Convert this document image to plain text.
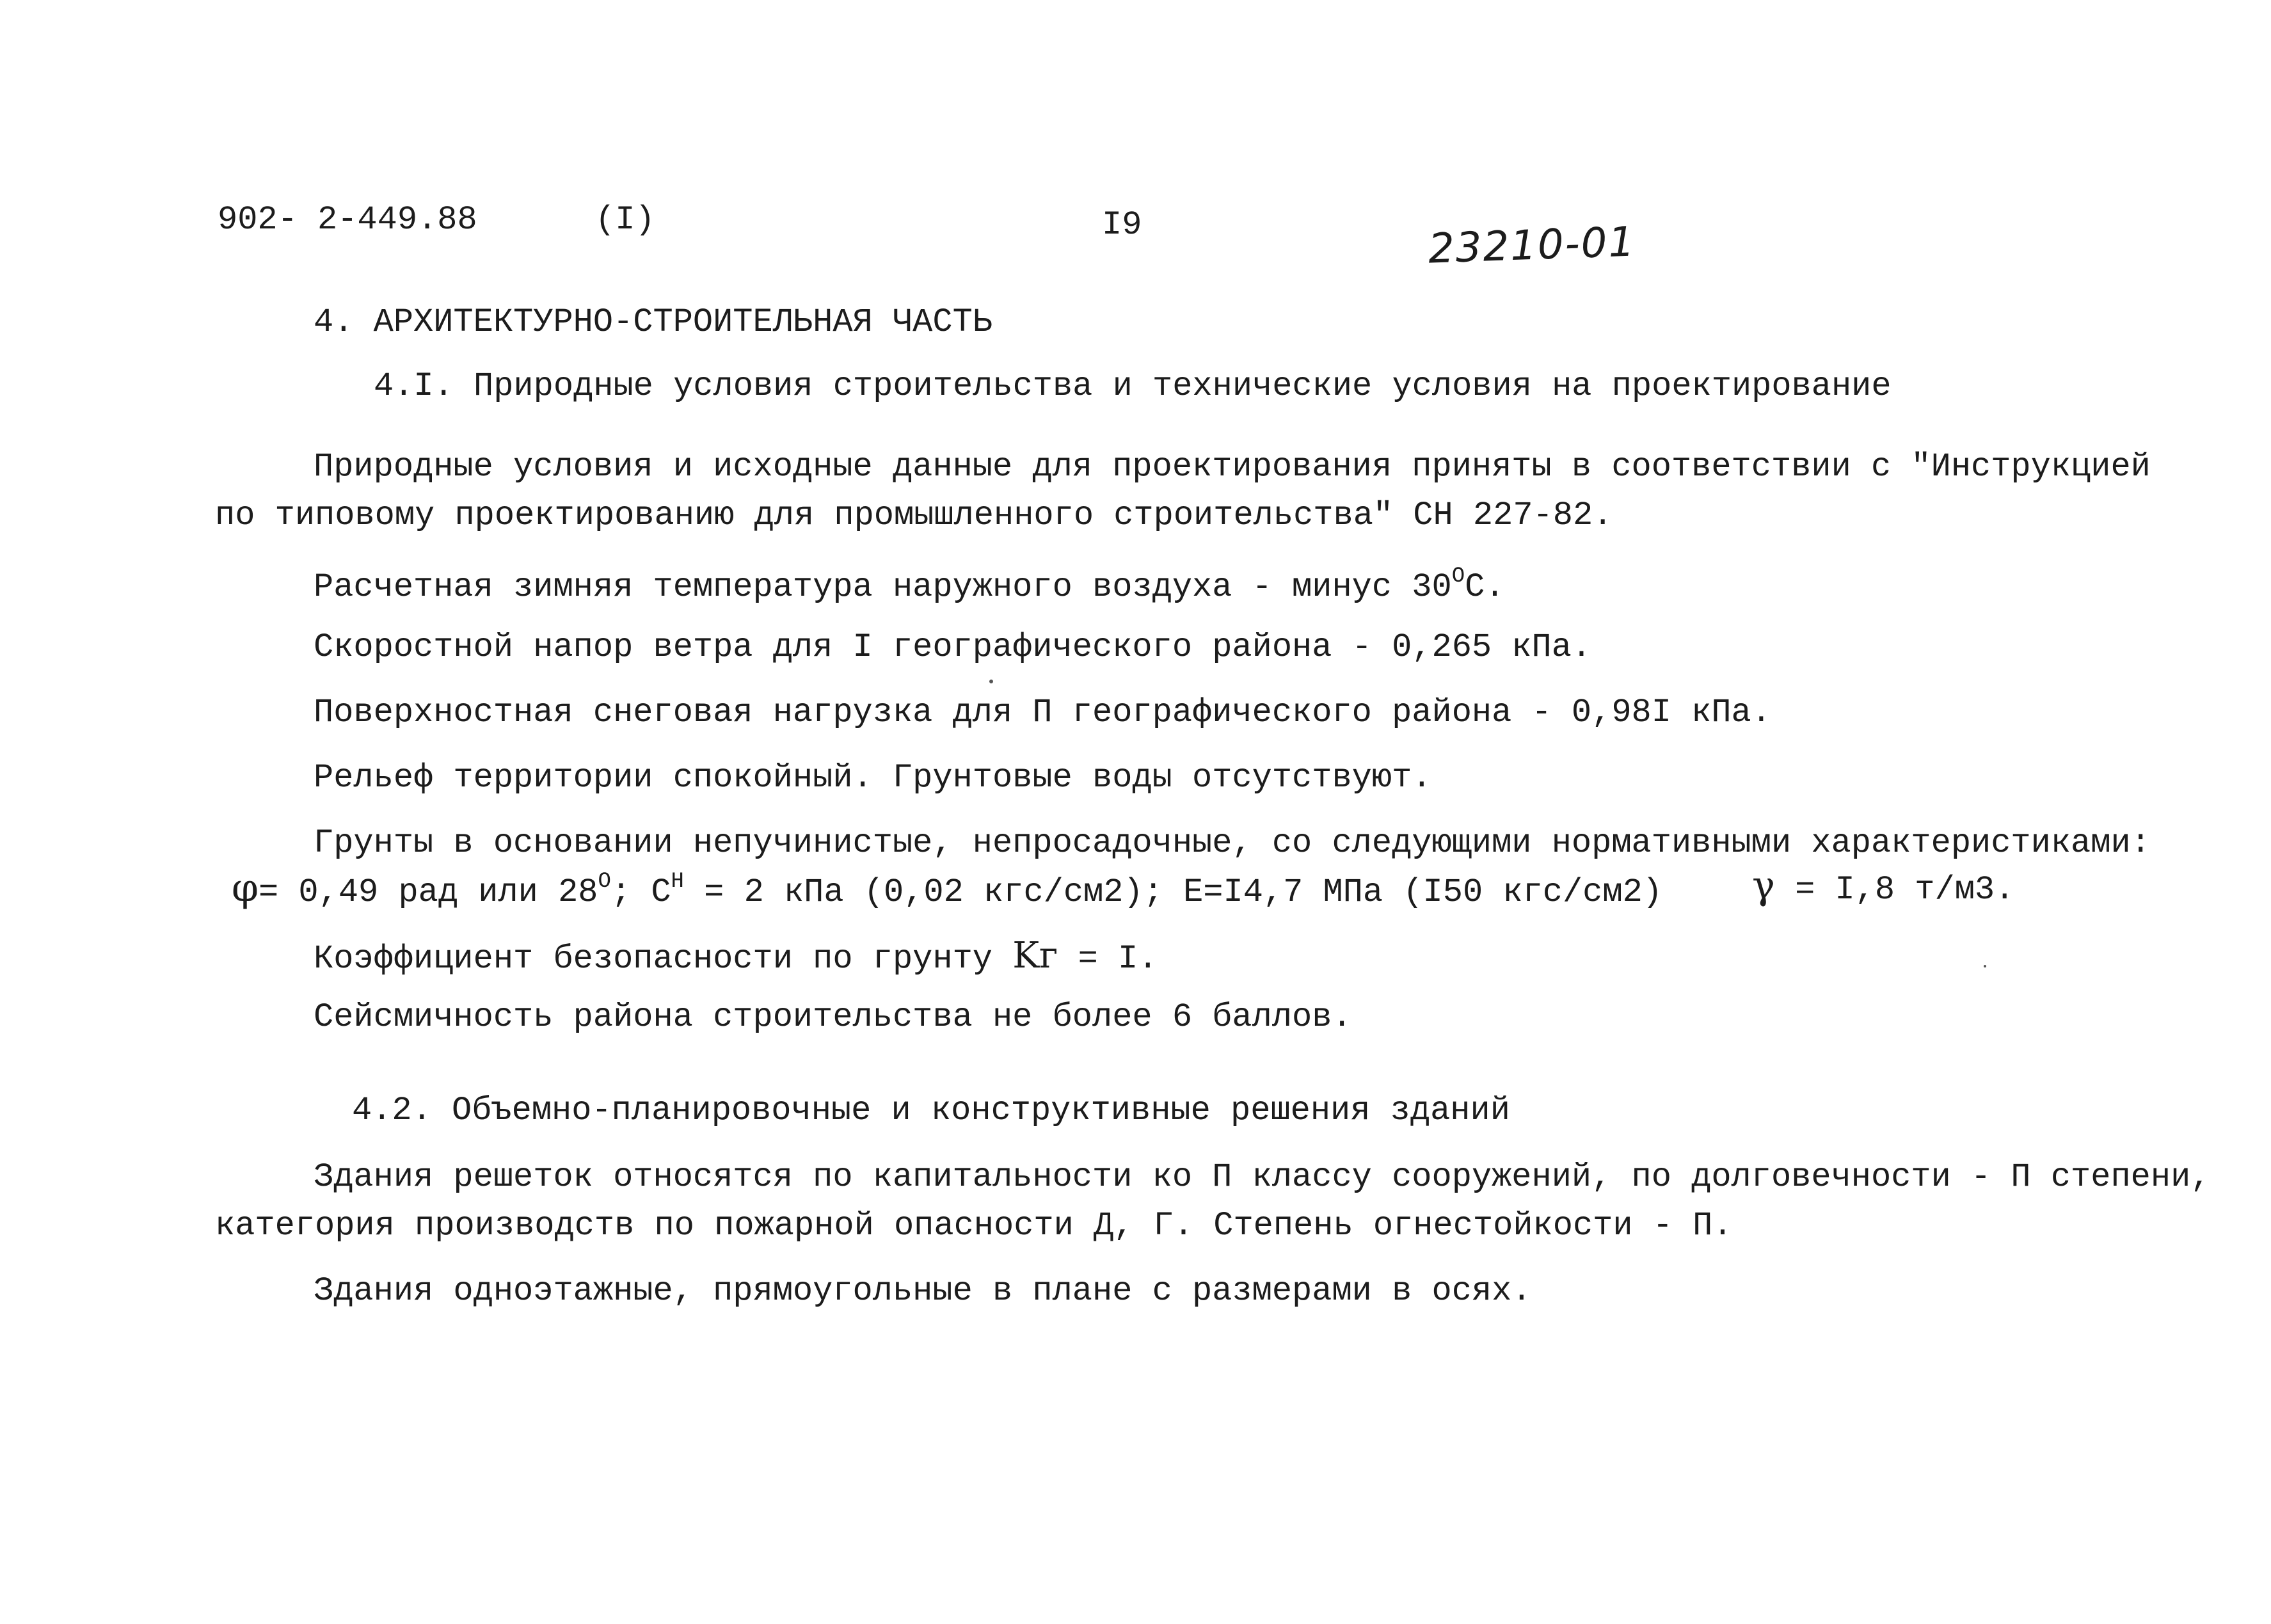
902- 2-449.88	(I)	I9	23210-01
4. АРХИТЕКТУРНО-СТРОИТЕЛЬНАЯ ЧАСТЬ
4.I. Природные условия строительства и технические условия на проектирование
Природные условия и исходные данные для проектирования приняты в соответствии с "Инструкцией
по типовому проектированию для промышленного строительства" СН 227-82.
Расчетная зимняя температура наружного воздуха - минус $30^OC$.
Скоростной напор ветра для I географического района - 0,265 кПа.
Поверхностная снеговая нагрузка для П географического района - 0,98I кПа.
Рельеф территории спокойный. Грунтовые воды отсутствуют.
Грунты в основании непучинистые, непросадочные, со следующими нормативными характеристиками:
φ= 0,49 рад или $28^O$; $C^H = 2$ кПа (0,02 кгс/см2); E=I4,7 МПа (I50 кгс/см2) γ = I,8 т/м3.
Коэффициент безопасности по грунту Kг = I.
Сейсмичность района строительства не более 6 баллов.
4.2. Объемно-планировочные и конструктивные решения зданий
Здания решеток относятся по капитальности ко П классу сооружений, по долговечности - П степени,
категория производств по пожарной опасности Д, Г. Степень огнестойкости - П.
Здания одноэтажные, прямоугольные в плане с размерами в осях.
